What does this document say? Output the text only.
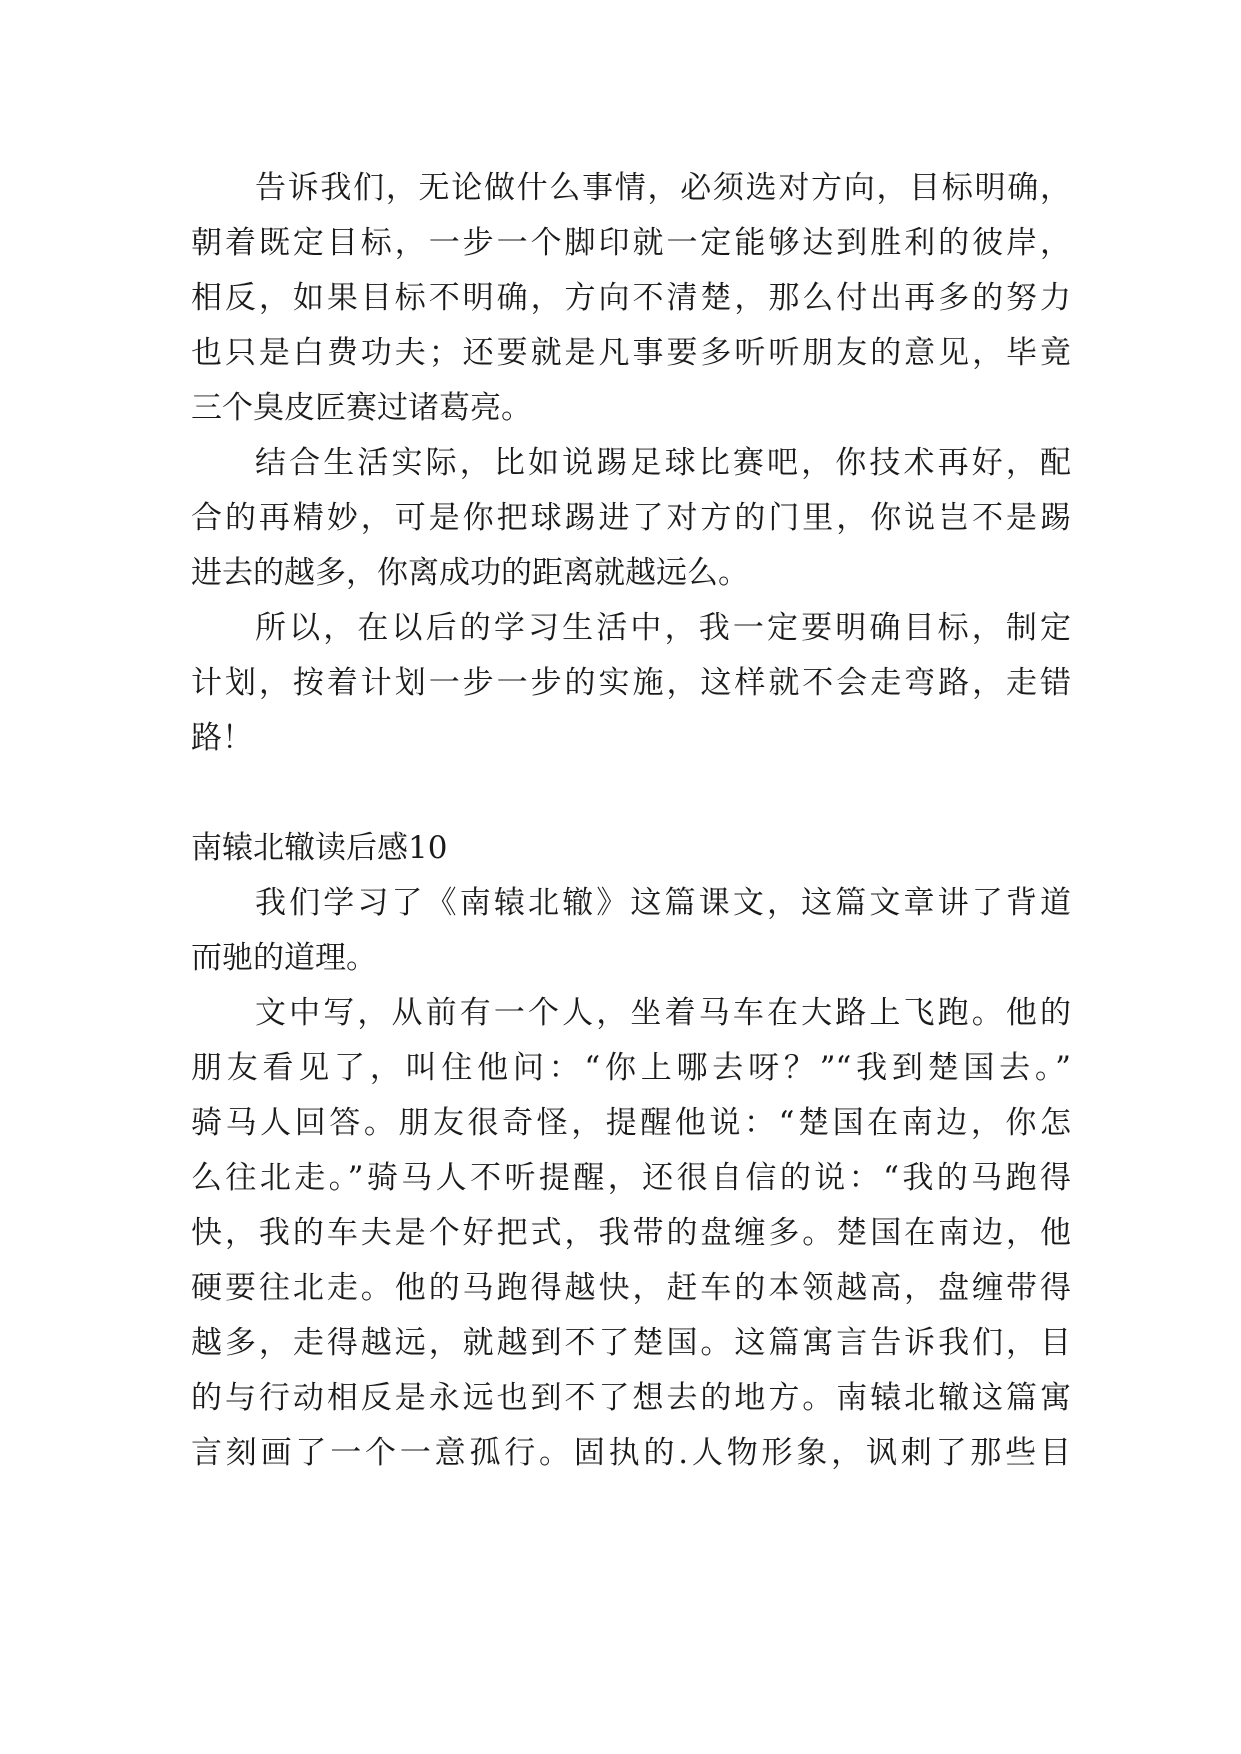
告诉我们，无论做什么事情，必须选对方向，目标明确，
朝着既定目标，一步一个脚印就一定能够达到胜利的彼岸，
相反，如果目标不明确，方向不清楚，那么付出再多的努力
也只是白费功夫；还要就是凡事要多听听朋友的意见，毕竟
三个臭皮匠赛过诸葛亮。
结合生活实际，比如说踢足球比赛吧，你技术再好，配
合的再精妙，可是你把球踢进了对方的门里，你说岂不是踢
进去的越多，你离成功的距离就越远么。
所以，在以后的学习生活中，我一定要明确目标，制定
计划，按着计划一步一步的实施，这样就不会走弯路，走错
路！
南辕北辙读后感10
我们学习了《南辕北辙》这篇课文，这篇文章讲了背道
而驰的道理。
文中写，从前有一个人，坐着马车在大路上飞跑。他的
朋友看见了，叫住他问：“你上哪去呀？”“我到楚国去。”
骑马人回答。朋友很奇怪，提醒他说：“楚国在南边，你怎
么往北走。”骑马人不听提醒，还很自信的说：“我的马跑得
快，我的车夫是个好把式，我带的盘缠多。楚国在南边，他
硬要往北走。他的马跑得越快，赶车的本领越高，盘缠带得
越多，走得越远，就越到不了楚国。这篇寓言告诉我们，目
的与行动相反是永远也到不了想去的地方。南辕北辙这篇寓
言刻画了一个一意孤行。固执的.人物形象，讽刺了那些目
